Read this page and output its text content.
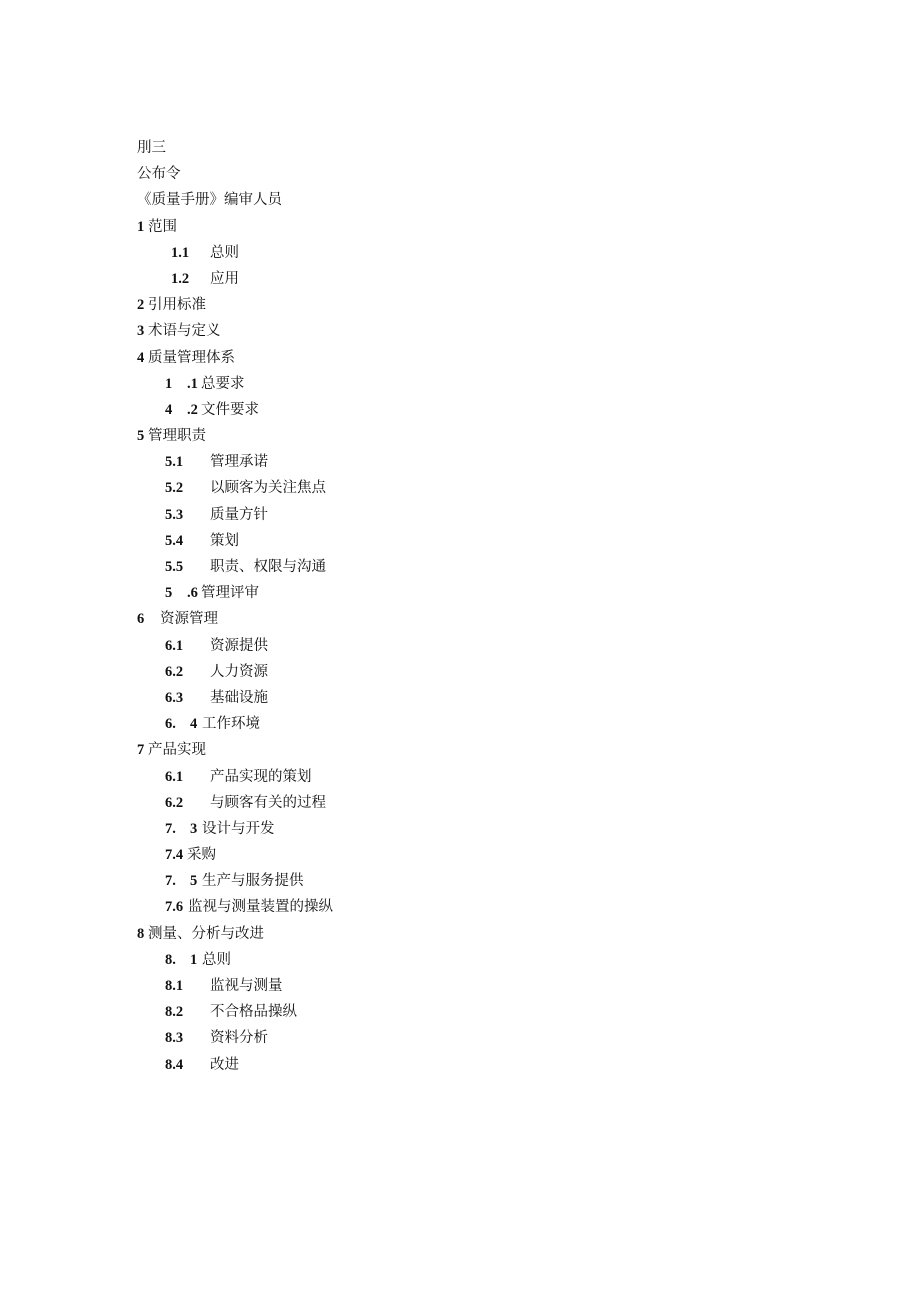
刖三
公布令
《质量手册》编审人员
1 范围
1.1 总则
1.2 应用
2 引用标准
3 术语与定义
4 质量管理体系
1 .1 总要求
4 .2 文件要求
5 管理职责
5.1 管理承诺
5.2 以顾客为关注焦点
5.3 质量方针
5.4 策划
5.5 职责、权限与沟通
5 .6 管理评审
6 资源管理
6.1 资源提供
6.2 人力资源
6.3 基础设施
6. 4 工作环境
7 产品实现
6.1 产品实现的策划
6.2 与顾客有关的过程
7. 3 设计与开发
7.4 采购
7. 5 生产与服务提供
7.6 监视与测量装置的操纵
8 测量、分析与改进
8. 1 总则
8.1 监视与测量
8.2 不合格品操纵
8.3 资料分析
8.4 改进
